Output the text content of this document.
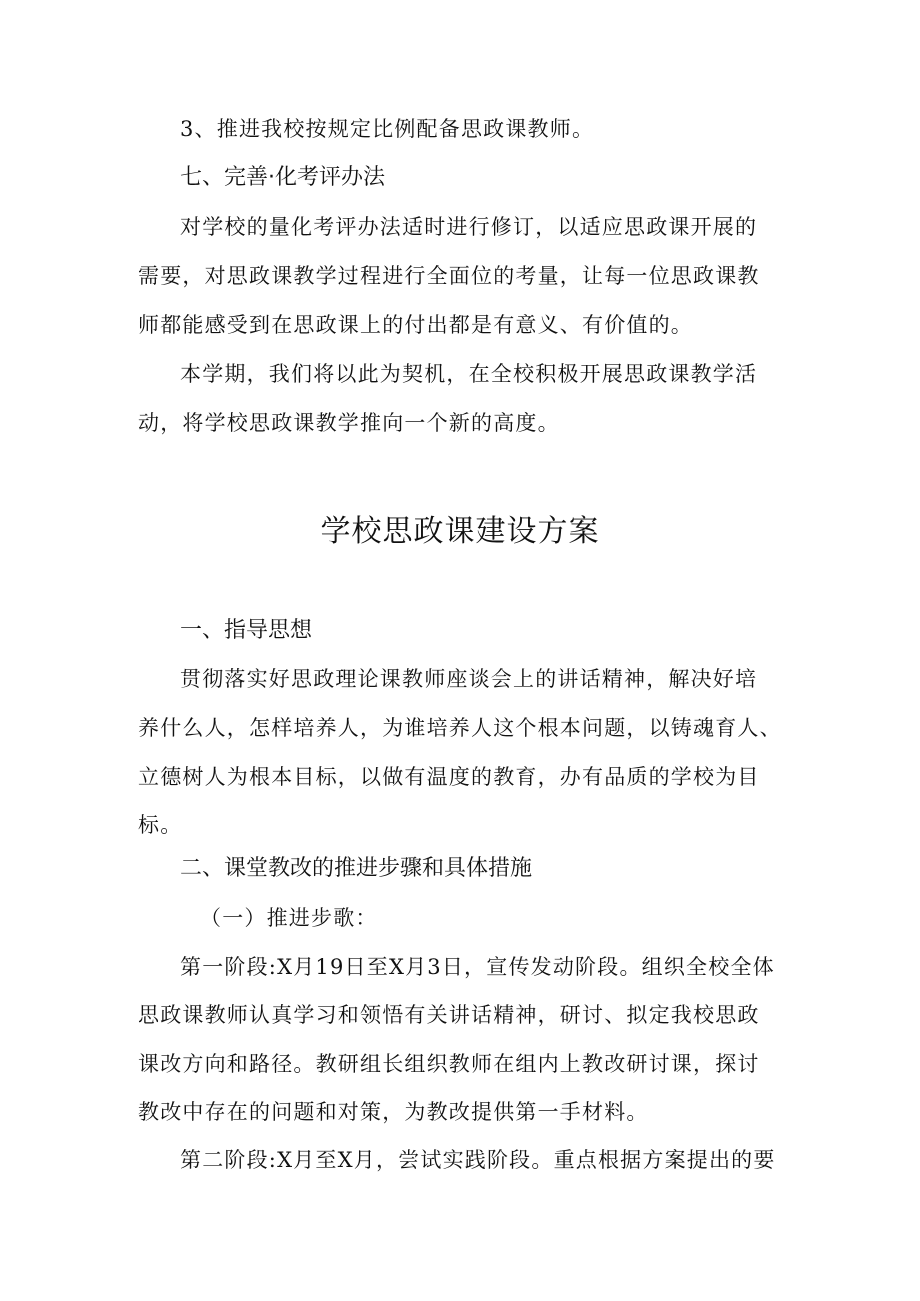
3、推进我校按规定比例配备思政课教师。
七、完善·化考评办法
对学校的量化考评办法适时进行修订，以适应思政课开展的
需要，对思政课教学过程进行全面位的考量，让每一位思政课教
师都能感受到在思政课上的付出都是有意义、有价值的。
本学期，我们将以此为契机，在全校积极开展思政课教学活
动，将学校思政课教学推向一个新的高度。
学校思政课建设方案
一、指导思想
贯彻落实好思政理论课教师座谈会上的讲话精神，解决好培
养什么人，怎样培养人，为谁培养人这个根本问题，以铸魂育人、
立德树人为根本目标，以做有温度的教育，办有品质的学校为目
标。
二、课堂教改的推进步骤和具体措施
（一）推进步歌：
第一阶段:X月19日至X月3日，宣传发动阶段。组织全校全体
思政课教师认真学习和领悟有关讲话精神，研讨、拟定我校思政
课改方向和路径。教研组长组织教师在组内上教改研讨课，探讨
教改中存在的问题和对策，为教改提供第一手材料。
第二阶段:X月至X月，尝试实践阶段。重点根据方案提出的要
